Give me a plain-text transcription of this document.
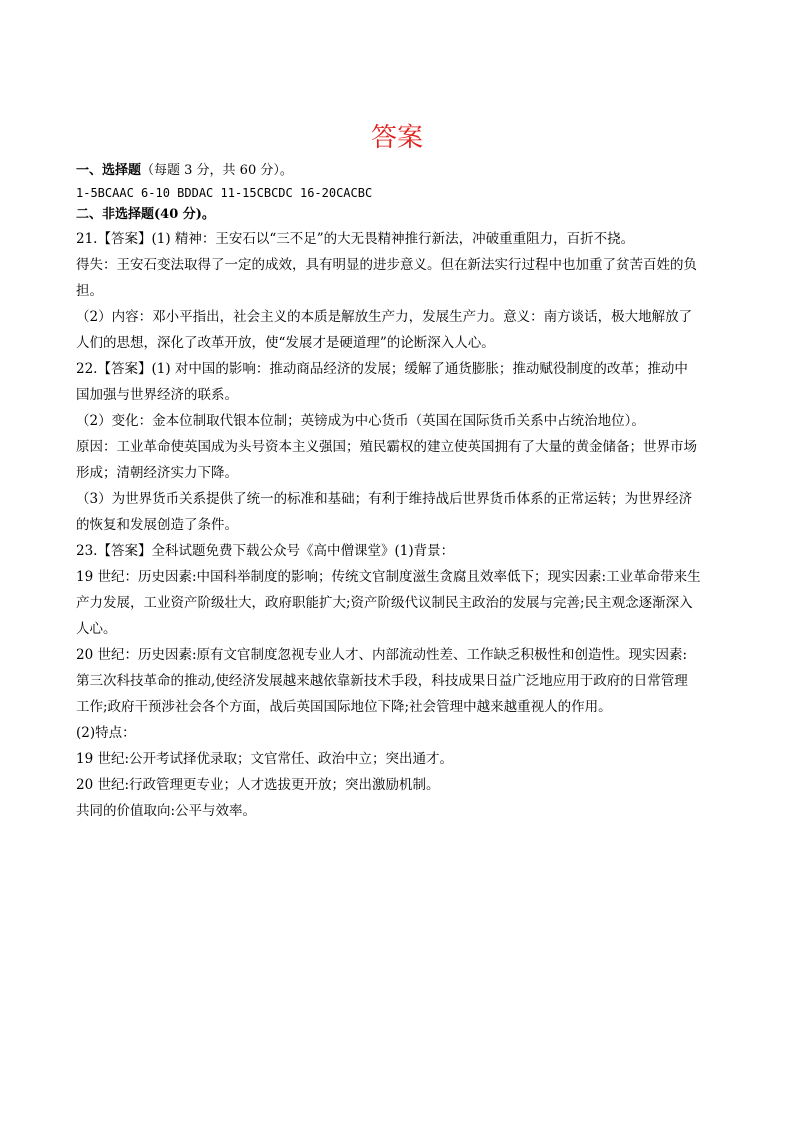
答案
一、选择题（每题 3 分，共 60 分）。
1-5BCAAC 6-10 BDDAC 11-15CBCDC 16-20CACBC
二、非选择题(40 分)。
21.【答案】(1) 精神：王安石以“三不足”的大无畏精神推行新法，冲破重重阻力，百折不挠。
得失：王安石变法取得了一定的成效，具有明显的进步意义。但在新法实行过程中也加重了贫苦百姓的负
担。
（2）内容：邓小平指出，社会主义的本质是解放生产力，发展生产力。意义：南方谈话，极大地解放了
人们的思想，深化了改革开放，使“发展才是硬道理”的论断深入人心。
22.【答案】(1) 对中国的影响：推动商品经济的发展；缓解了通货膨胀；推动赋役制度的改革；推动中
国加强与世界经济的联系。
（2）变化：金本位制取代银本位制；英镑成为中心货币（英国在国际货币关系中占统治地位）。
原因：工业革命使英国成为头号资本主义强国；殖民霸权的建立使英国拥有了大量的黄金储备；世界市场
形成；清朝经济实力下降。
（3）为世界货币关系提供了统一的标准和基础；有利于维持战后世界货币体系的正常运转；为世界经济
的恢复和发展创造了条件。
23.【答案】全科试题免费下载公众号《高中僧课堂》(1)背景：
19 世纪：历史因素:中国科举制度的影响；传统文官制度滋生贪腐且效率低下；现实因素:工业革命带来生
产力发展，工业资产阶级壮大，政府职能扩大;资产阶级代议制民主政治的发展与完善;民主观念逐渐深入
人心。
20 世纪：历史因素:原有文官制度忽视专业人才、内部流动性差、工作缺乏积极性和创造性。现实因素:
第三次科技革命的推动,使经济发展越来越依靠新技术手段，科技成果日益广泛地应用于政府的日常管理
工作;政府干预涉社会各个方面，战后英国国际地位下降;社会管理中越来越重视人的作用。
(2)特点：
19 世纪:公开考试择优录取；文官常任、政治中立；突出通才。
20 世纪:行政管理更专业；人才选拔更开放；突出激励机制。
共同的价值取向:公平与效率。
